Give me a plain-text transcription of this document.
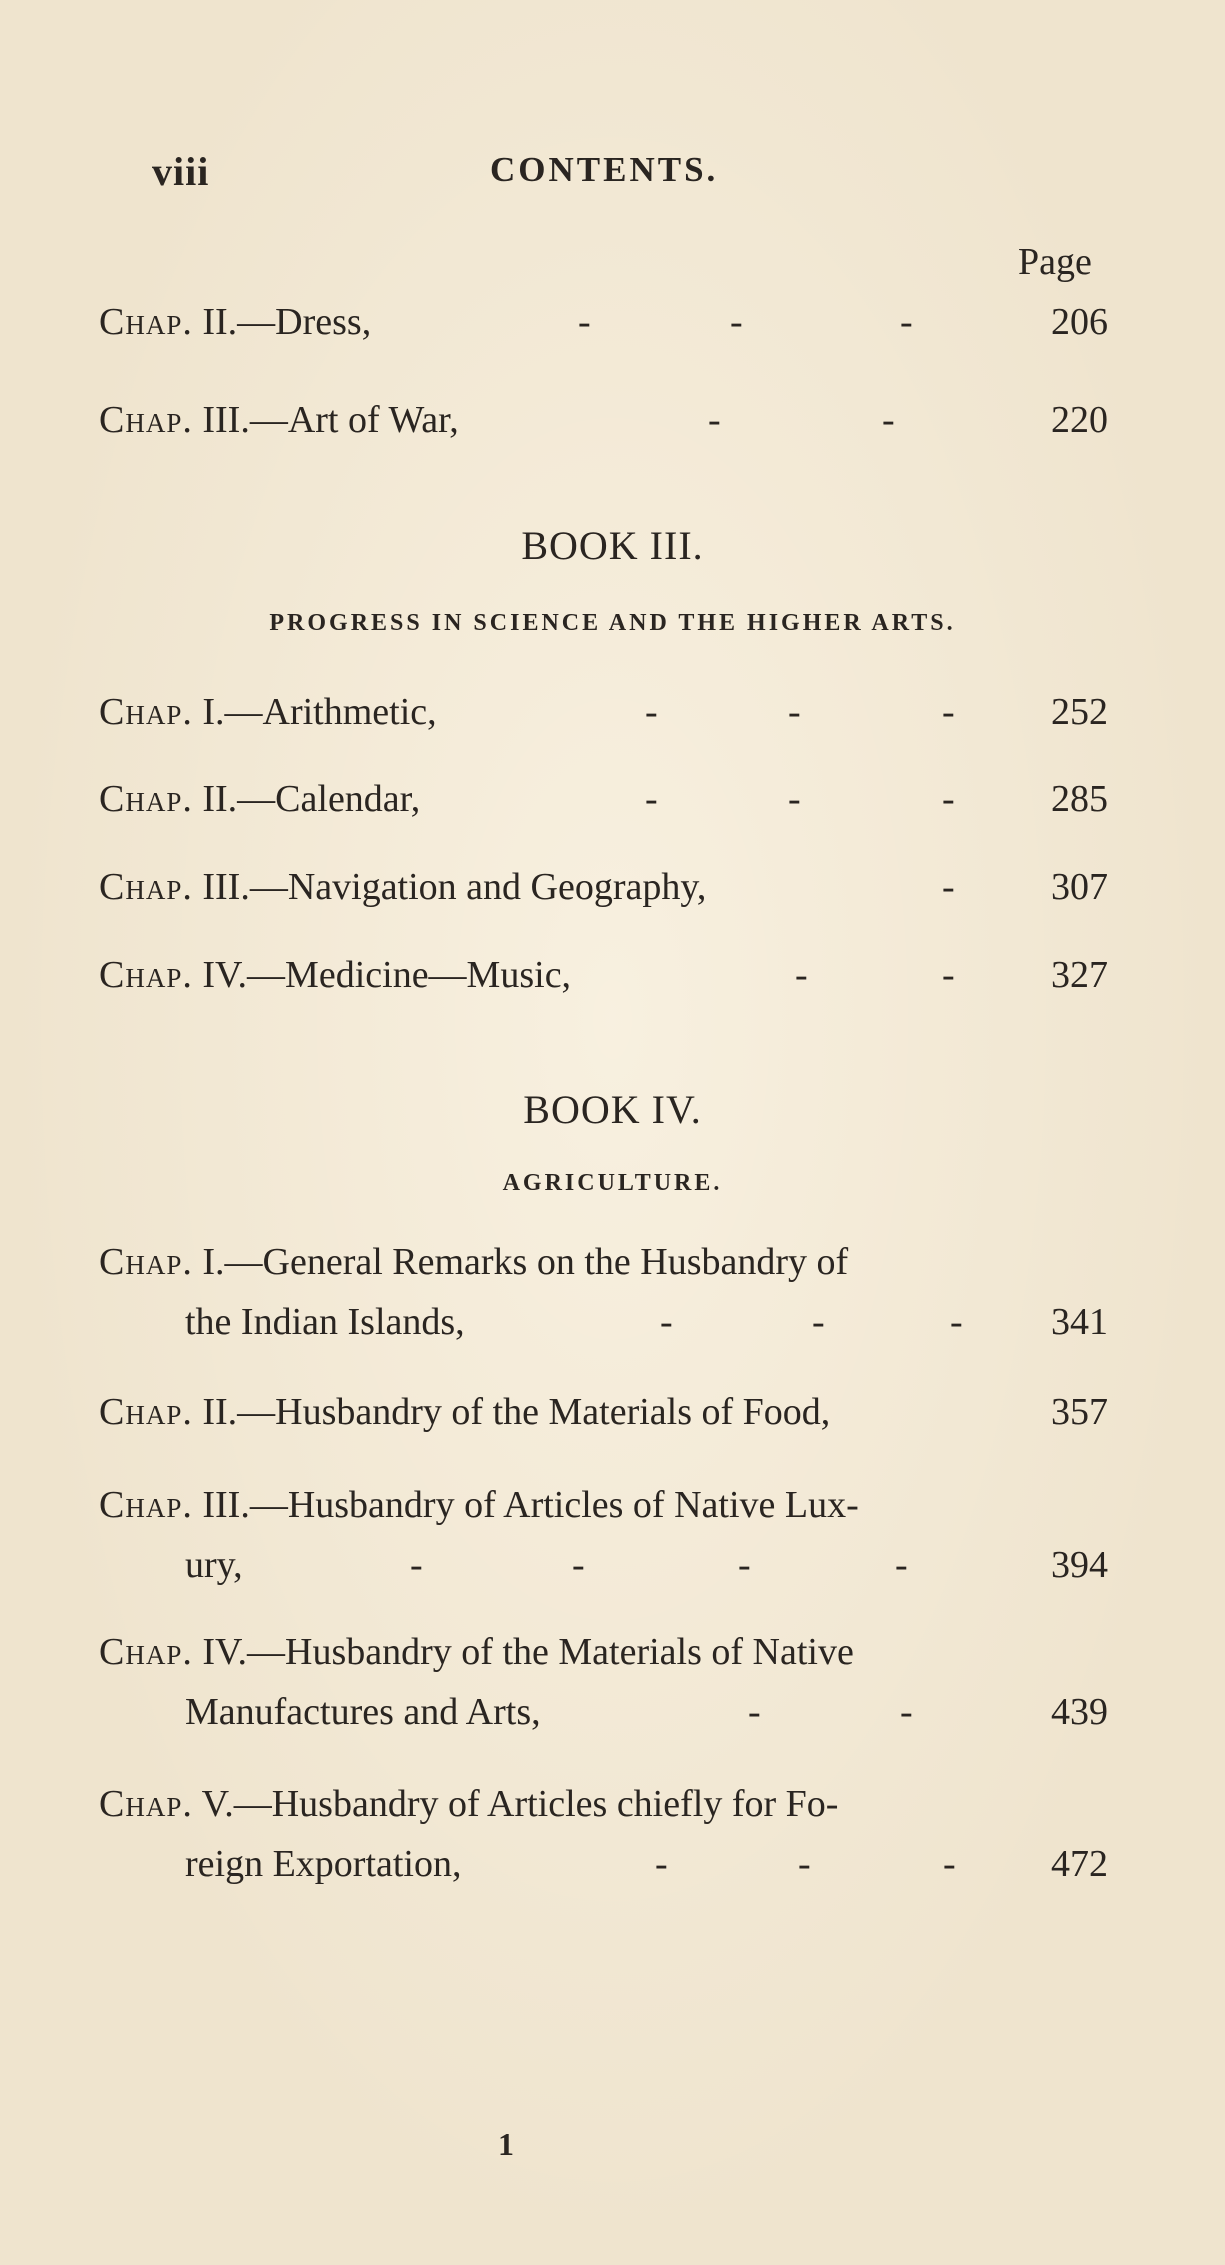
viii	CONTENTS.
Page
Chap. II.—Dress,	-	-	-	206
Chap. III.—Art of War,	-	-	220
BOOK III.
PROGRESS IN SCIENCE AND THE HIGHER ARTS.
Chap. I.—Arithmetic,	-	-	-	252
Chap. II.—Calendar,	-	-	-	285
Chap. III.—Navigation and Geography,	-	307
Chap. IV.—Medicine—Music,	-	-	327
BOOK IV.
AGRICULTURE.
Chap. I.—General Remarks on the Husbandry of
the Indian Islands,	-	-	- 341
Chap. II.—Husbandry of the Materials of Food,	357
Chap. III.—Husbandry of Articles of Native Lux-
ury,	-	-	-	-	394
Chap. IV.—Husbandry of the Materials of Native
Manufactures and Arts,	-	-	439
Chap. V.—Husbandry of Articles chiefly for Fo-
reign Exportation,	-	-	-	472
1
